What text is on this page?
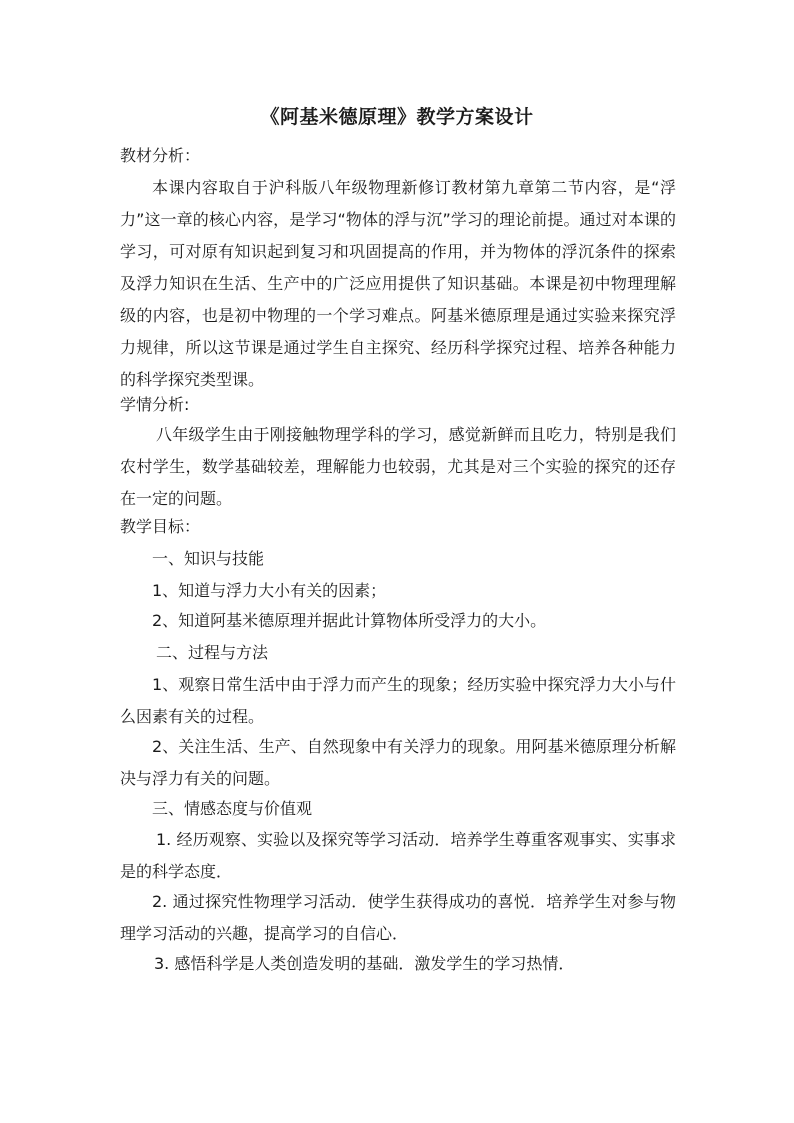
《阿基米德原理》教学方案设计
教材分析：
本课内容取自于沪科版八年级物理新修订教材第九章第二节内容，是“浮力”这一章的核心内容，是学习“物体的浮与沉”学习的理论前提。通过对本课的学习，可对原有知识起到复习和巩固提高的作用，并为物体的浮沉条件的探索及浮力知识在生活、生产中的广泛应用提供了知识基础。本课是初中物理理解级的内容，也是初中物理的一个学习难点。阿基米德原理是通过实验来探究浮力规律，所以这节课是通过学生自主探究、经历科学探究过程、培养各种能力的科学探究类型课。
学情分析:
八年级学生由于刚接触物理学科的学习，感觉新鲜而且吃力，特别是我们农村学生，数学基础较差，理解能力也较弱，尤其是对三个实验的探究的还存在一定的问题。
教学目标：
一、知识与技能
1、知道与浮力大小有关的因素；
2、知道阿基米德原理并据此计算物体所受浮力的大小。
二、过程与方法
1、观察日常生活中由于浮力而产生的现象；经历实验中探究浮力大小与什么因素有关的过程。
2、关注生活、生产、自然现象中有关浮力的现象。用阿基米德原理分析解决与浮力有关的问题。
三、情感态度与价值观
1. 经历观察、实验以及探究等学习活动．培养学生尊重客观事实、实事求是的科学态度．
2. 通过探究性物理学习活动．使学生获得成功的喜悦．培养学生对参与物理学习活动的兴趣，提高学习的自信心．
3. 感悟科学是人类创造发明的基础．激发学生的学习热情．
